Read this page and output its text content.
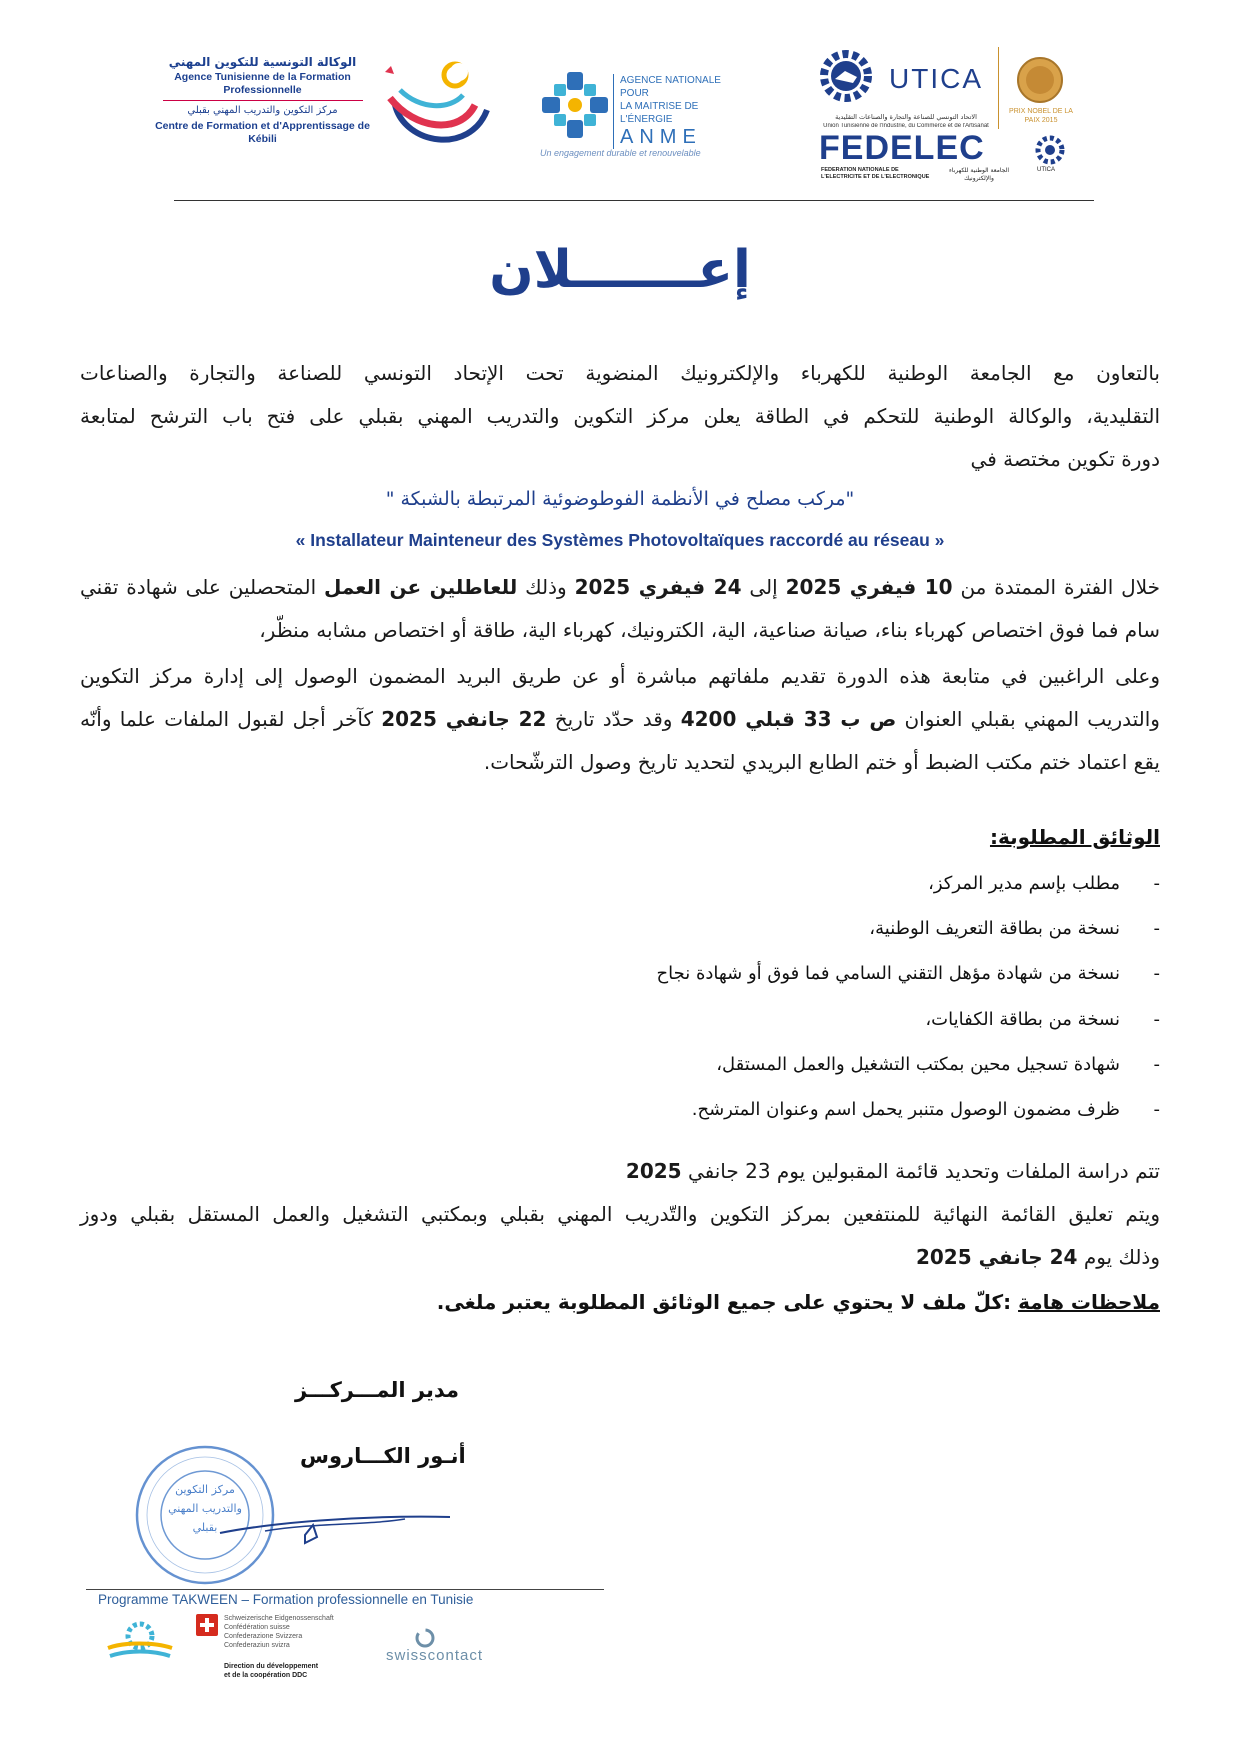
الوكالة التونسية للتكوين المهني
Agence Tunisienne de la Formation Professionnelle
مركز التكوين والتدريب المهني بقبلي
Centre de Formation et d'Apprentissage de Kébili
AGENCE NATIONALE POUR
LA MAITRISE DE L'ÉNERGIE
ANME
Un engagement durable et renouvelable
UTICA
PRIX NOBEL DE LA PAIX 2015
الاتحاد التونسي للصناعة والتجارة والصناعات التقليدية
Union Tunisienne de l'Industrie, du Commerce et de l'Artisanat
FEDELEC
FEDERATION NATIONALE DE L'ELECTRICITE ET DE L'ELECTRONIQUE
الجامعة الوطنية للكهرباء والإلكترونيك
UTICA
إعـــــــلان
بالتعاون مع الجامعة الوطنية للكهرباء والإلكترونيك المنضوية تحت الإتحاد التونسي للصناعة والتجارة والصناعات
التقليدية، والوكالة الوطنية للتحكم في الطاقة يعلن مركز التكوين والتدريب المهني بقبلي على فتح باب الترشح لمتابعة
دورة تكوين مختصة في
"مركب مصلح في الأنظمة الفوطوضوئية المرتبطة بالشبكة "
« Installateur Mainteneur des Systèmes Photovoltaïques raccordé au réseau »
خلال الفترة الممتدة من 10 فيفري 2025 إلى 24 فيفري 2025 وذلك للعاطلين عن العمل المتحصلين على شهادة تقني
سام فما فوق اختصاص كهرباء بناء، صيانة صناعية، الية، الكترونيك، كهرباء الية، طاقة أو اختصاص مشابه منظّر،
وعلى الراغبين في متابعة هذه الدورة تقديم ملفاتهم مباشرة أو عن طريق البريد المضمون الوصول إلى إدارة مركز التكوين
والتدريب المهني بقبلي العنوان ص ب 33 قبلي 4200 وقد حدّد تاريخ 22 جانفي 2025 كآخر أجل لقبول الملفات علما وأنّه
يقع اعتماد ختم مكتب الضبط أو ختم الطابع البريدي لتحديد تاريخ وصول الترشّحات.
الوثائق المطلوبة:
-
مطلب بإسم مدير المركز،
-
نسخة من بطاقة التعريف الوطنية،
-
نسخة من شهادة مؤهل التقني السامي فما فوق أو شهادة نجاح
-
نسخة من بطاقة الكفايات،
-
شهادة تسجيل محين بمكتب التشغيل والعمل المستقل،
-
ظرف مضمون الوصول متنبر يحمل اسم وعنوان المترشح.
تتم دراسة الملفات وتحديد قائمة المقبولين يوم 23 جانفي 2025
ويتم تعليق القائمة النهائية للمنتفعين بمركز التكوين والتّدريب المهني بقبلي وبمكتبي التشغيل والعمل المستقل بقبلي ودوز
وذلك يوم 24 جانفي 2025
ملاحظات هامة :كلّ ملف لا يحتوي على جميع الوثائق المطلوبة يعتبر ملغى.
مدير المـــركـــز
أنـور الكـــاروس
مركز التكوين والتدريب المهني بقبلي
Programme TAKWEEN – Formation professionnelle en Tunisie
Schweizerische Eidgenossenschaft
Confédération suisse
Confederazione Svizzera
Confederaziun svizra
Direction du développement
et de la coopération DDC
swisscontact
